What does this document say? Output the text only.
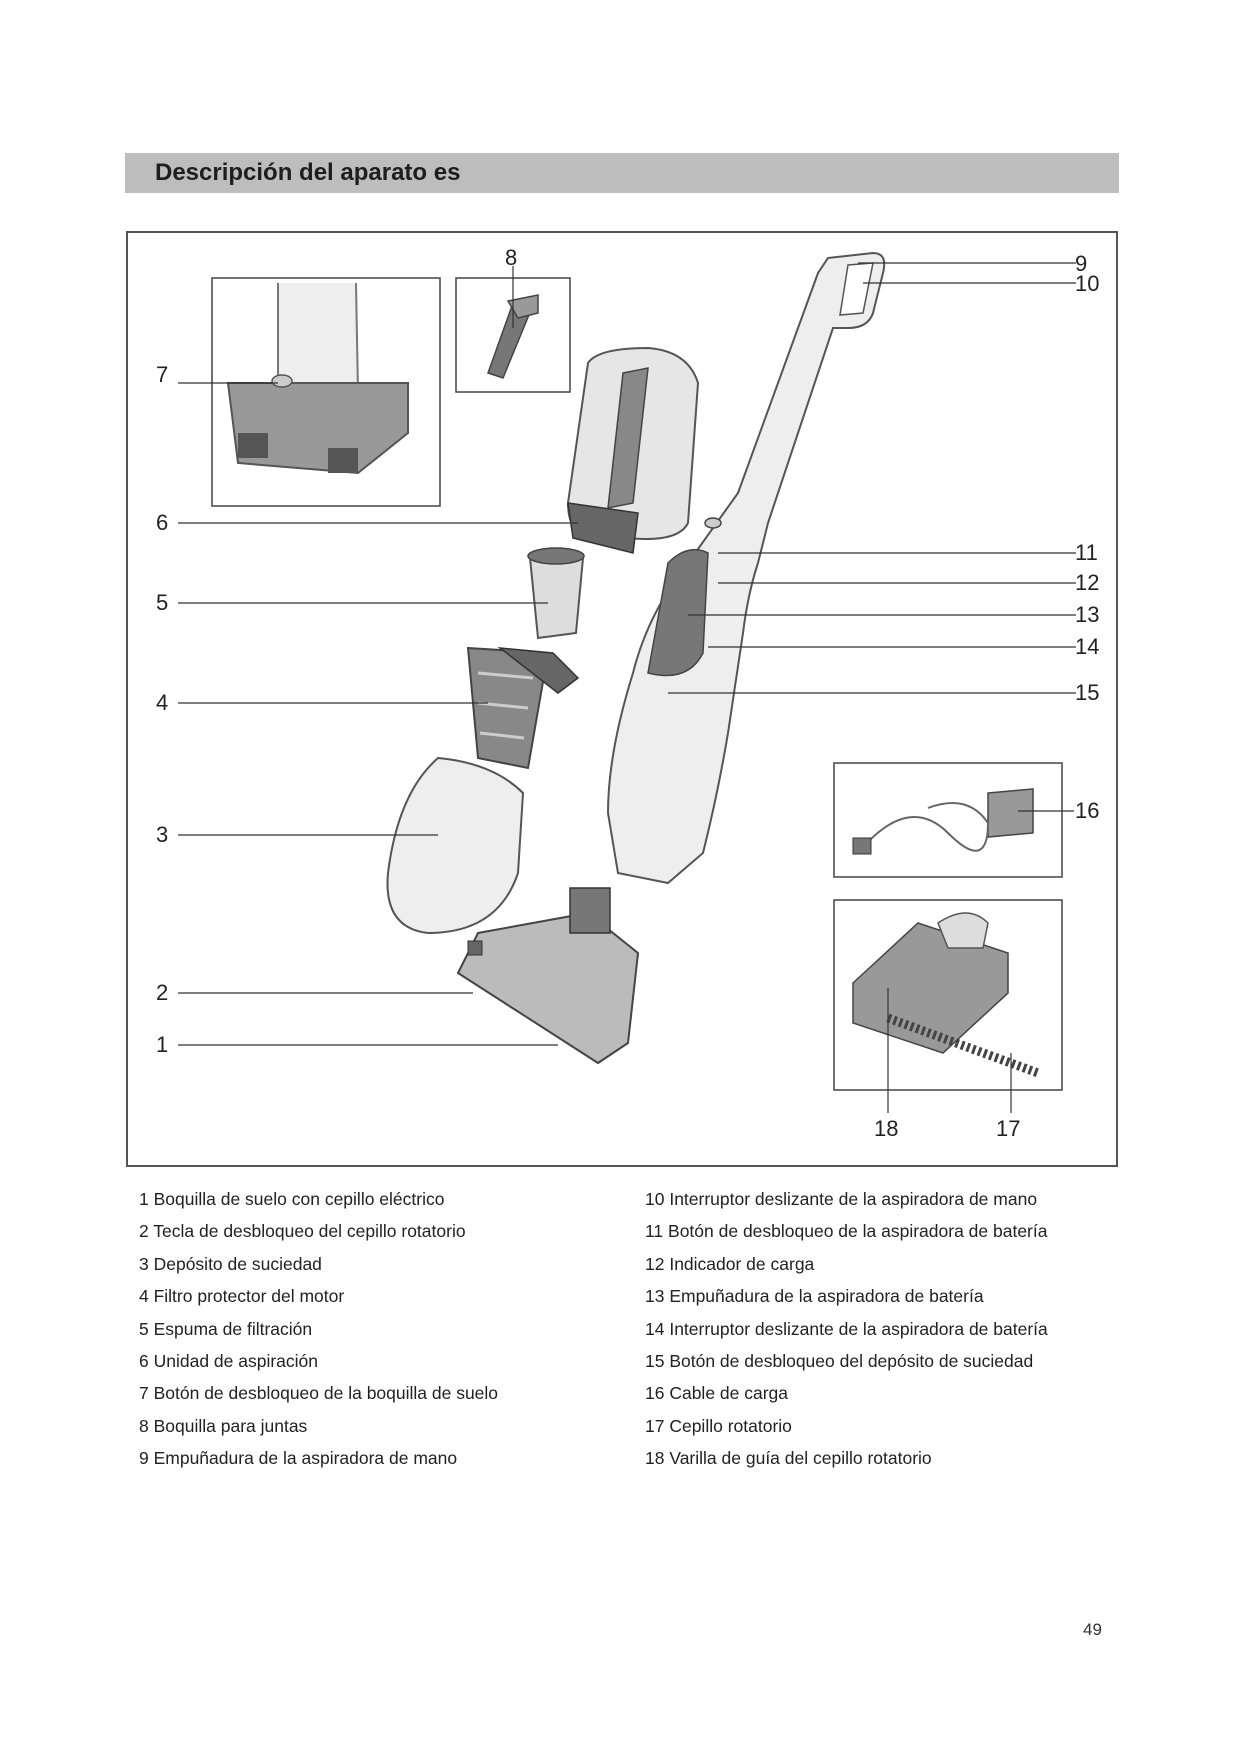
Descripción del aparato es
7
6
5
4
3
2
1
8	9
10
11
12
13
14
15
16
17
18
1 Boquilla de suelo con cepillo eléctrico
2 Tecla de desbloqueo del cepillo rotatorio
3 Depósito de suciedad
4 Filtro protector del motor
5 Espuma de filtración
6 Unidad de aspiración
7 Botón de desbloqueo de la boquilla de suelo
8 Boquilla para juntas
9 Empuñadura de la aspiradora de mano
10 Interruptor deslizante de la aspiradora de mano
11 Botón de desbloqueo de la aspiradora de batería
12 Indicador de carga
13 Empuñadura de la aspiradora de batería
14 Interruptor deslizante de la aspiradora de batería
15 Botón de desbloqueo del depósito de suciedad
16 Cable de carga
17 Cepillo rotatorio
18 Varilla de guía del cepillo rotatorio
49
